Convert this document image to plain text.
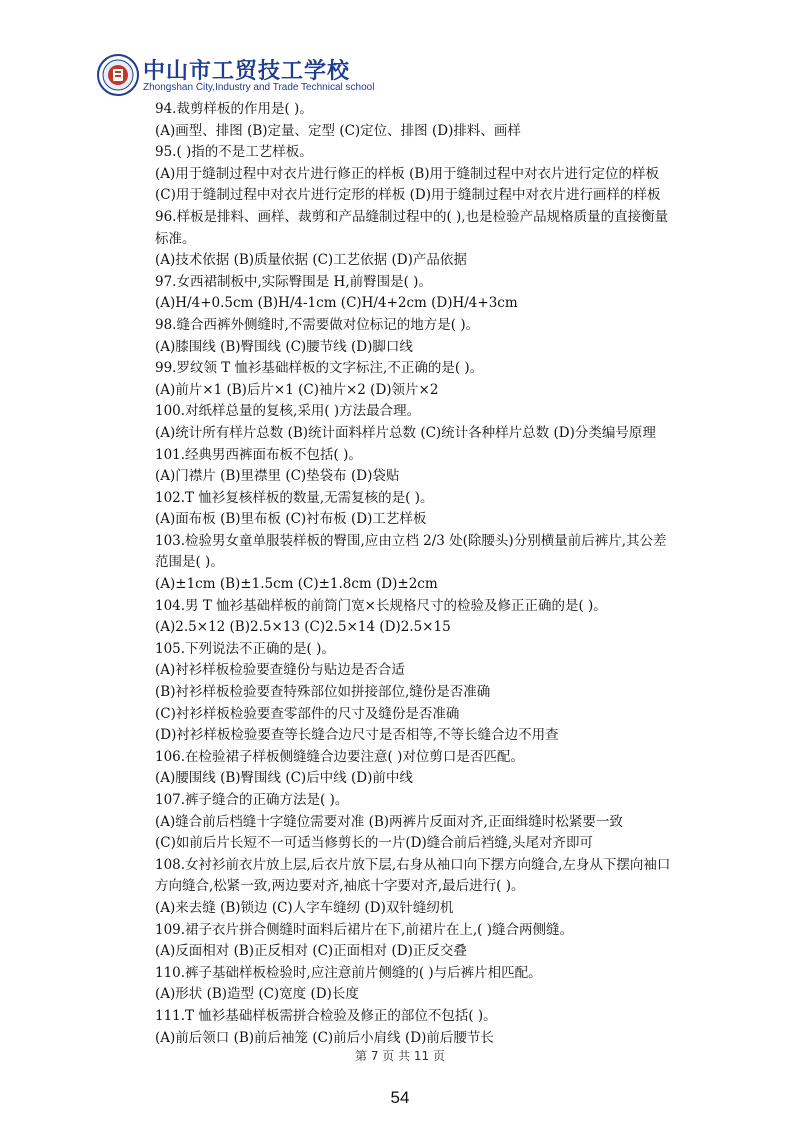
中山市工贸技工学校
Zhongshan City,Industry and Trade Technical school
94.裁剪样板的作用是( )。
(A)画型、排图 (B)定量、定型 (C)定位、排图 (D)排料、画样
95.( )指的不是工艺样板。
(A)用于缝制过程中对衣片进行修正的样板 (B)用于缝制过程中对衣片进行定位的样板
(C)用于缝制过程中对衣片进行定形的样板 (D)用于缝制过程中对衣片进行画样的样板
96.样板是排料、画样、裁剪和产品缝制过程中的( ),也是检验产品规格质量的直接衡量
标准。
(A)技术依据 (B)质量依据 (C)工艺依据 (D)产品依据
97.女西裙制板中,实际臀围是 H,前臀围是( )。
(A)H/4+0.5cm (B)H/4-1cm (C)H/4+2cm (D)H/4+3cm
98.缝合西裤外侧缝时,不需要做对位标记的地方是( )。
(A)膝围线 (B)臀围线 (C)腰节线 (D)脚口线
99.罗纹领 T 恤衫基础样板的文字标注,不正确的是( )。
(A)前片×1 (B)后片×1 (C)袖片×2 (D)领片×2
100.对纸样总量的复核,采用( )方法最合理。
(A)统计所有样片总数 (B)统计面料样片总数 (C)统计各种样片总数 (D)分类编号原理
101.经典男西裤面布板不包括( )。
(A)门襟片 (B)里襟里 (C)垫袋布 (D)袋贴
102.T 恤衫复核样板的数量,无需复核的是( )。
(A)面布板 (B)里布板 (C)衬布板 (D)工艺样板
103.检验男女童单服装样板的臀围,应由立档 2/3 处(除腰头)分别横量前后裤片,其公差
范围是( )。
(A)±1cm (B)±1.5cm (C)±1.8cm (D)±2cm
104.男 T 恤衫基础样板的前筒门宽×长规格尺寸的检验及修正正确的是( )。
(A)2.5×12 (B)2.5×13 (C)2.5×14 (D)2.5×15
105.下列说法不正确的是( )。
(A)衬衫样板检验要查缝份与贴边是否合适
(B)衬衫样板检验要查特殊部位如拼接部位,缝份是否准确
(C)衬衫样板检验要查零部件的尺寸及缝份是否准确
(D)衬衫样板检验要查等长缝合边尺寸是否相等,不等长缝合边不用查
106.在检验裙子样板侧缝缝合边要注意( )对位剪口是否匹配。
(A)腰围线 (B)臀围线 (C)后中线 (D)前中线
107.裤子缝合的正确方法是( )。
(A)缝合前后档缝十字缝位需要对准 (B)两裤片反面对齐,正面缉缝时松紧要一致
(C)如前后片长短不一可适当修剪长的一片(D)缝合前后裆缝,头尾对齐即可
108.女衬衫前衣片放上层,后衣片放下层,右身从袖口向下摆方向缝合,左身从下摆向袖口
方向缝合,松紧一致,两边要对齐,袖底十字要对齐,最后进行( )。
(A)来去缝 (B)锁边 (C)人字车缝纫 (D)双针缝纫机
109.裙子衣片拼合侧缝时面料后裙片在下,前裙片在上,( )缝合两侧缝。
(A)反面相对 (B)正反相对 (C)正面相对 (D)正反交叠
110.裤子基础样板检验时,应注意前片侧缝的( )与后裤片相匹配。
(A)形状 (B)造型 (C)宽度 (D)长度
111.T 恤衫基础样板需拼合检验及修正的部位不包括( )。
(A)前后领口 (B)前后袖笼 (C)前后小肩线 (D)前后腰节长
第 7 页 共 11 页
54
